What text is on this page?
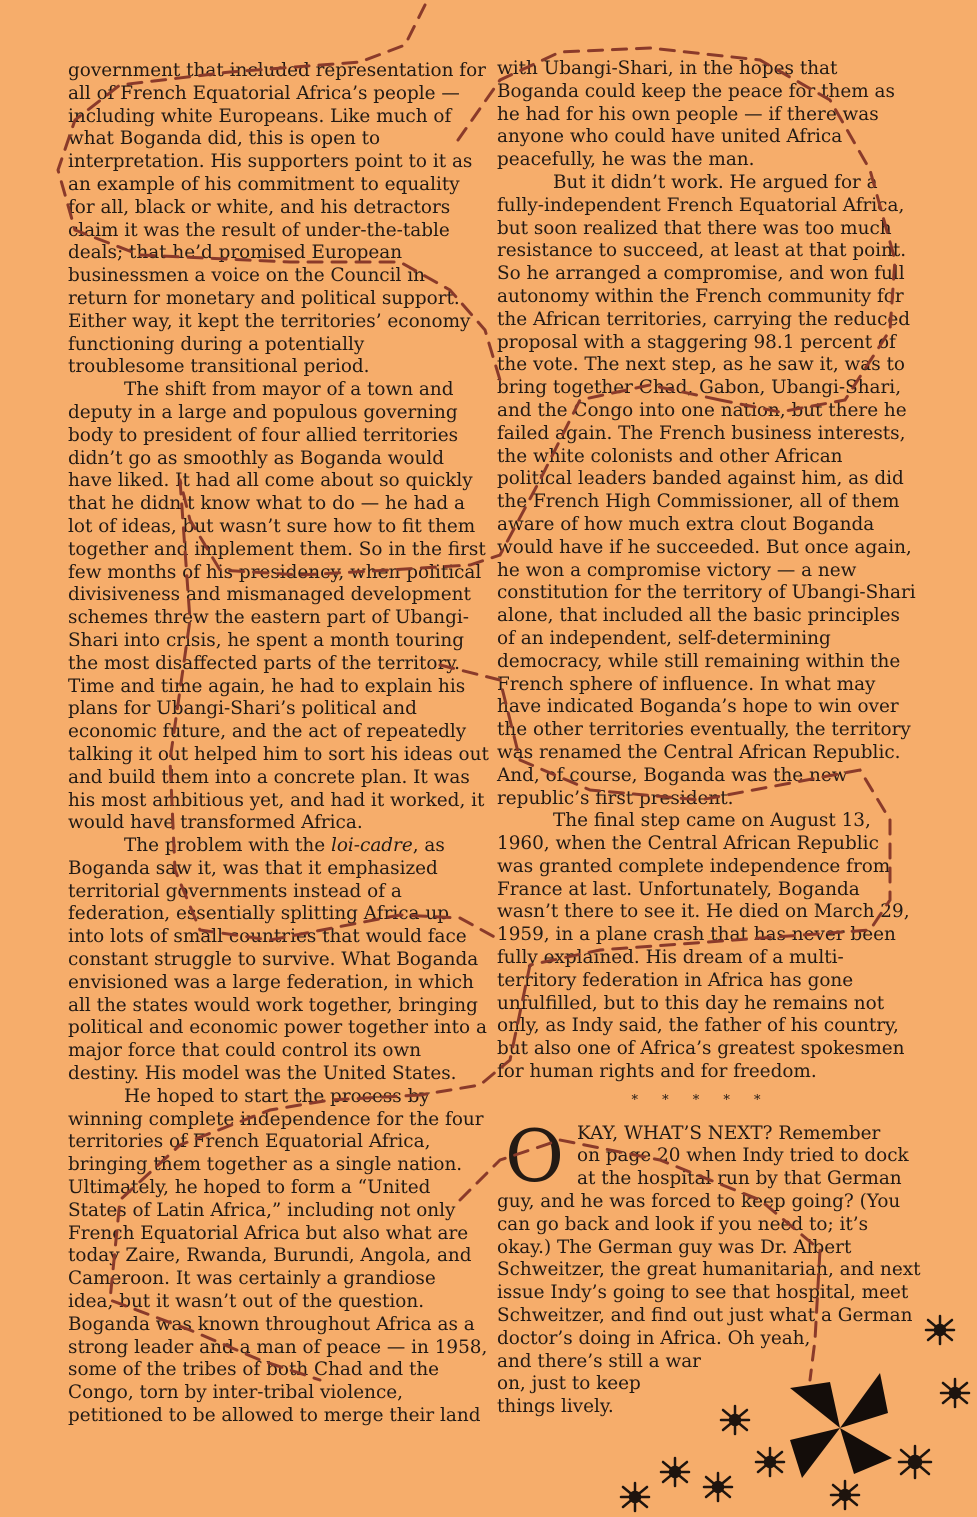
government that included representation for
all of French Equatorial Africa’s people —
including white Europeans. Like much of
what Boganda did, this is open to
interpretation. His supporters point to it as
an example of his commitment to equality
for all, black or white, and his detractors
claim it was the result of under-the-table
deals; that he’d promised European
businessmen a voice on the Council in
return for monetary and political support.
Either way, it kept the territories’ economy
functioning during a potentially
troublesome transitional period.
The shift from mayor of a town and
deputy in a large and populous governing
body to president of four allied territories
didn’t go as smoothly as Boganda would
have liked. It had all come about so quickly
that he didn’t know what to do — he had a
lot of ideas, but wasn’t sure how to fit them
together and implement them. So in the first
few months of his presidency, when political
divisiveness and mismanaged development
schemes threw the eastern part of Ubangi-
Shari into crisis, he spent a month touring
the most disaffected parts of the territory.
Time and time again, he had to explain his
plans for Ubangi-Shari’s political and
economic future, and the act of repeatedly
talking it out helped him to sort his ideas out
and build them into a concrete plan. It was
his most ambitious yet, and had it worked, it
would have transformed Africa.
The problem with the loi-cadre, as
Boganda saw it, was that it emphasized
territorial governments instead of a
federation, essentially splitting Africa up
into lots of small countries that would face
constant struggle to survive. What Boganda
envisioned was a large federation, in which
all the states would work together, bringing
political and economic power together into a
major force that could control its own
destiny. His model was the United States.
He hoped to start the process by
winning complete independence for the four
territories of French Equatorial Africa,
bringing them together as a single nation.
Ultimately, he hoped to form a “United
States of Latin Africa,” including not only
French Equatorial Africa but also what are
today Zaire, Rwanda, Burundi, Angola, and
Cameroon. It was certainly a grandiose
idea, but it wasn’t out of the question.
Boganda was known throughout Africa as a
strong leader and a man of peace — in 1958,
some of the tribes of both Chad and the
Congo, torn by inter-tribal violence,
petitioned to be allowed to merge their land
with Ubangi-Shari, in the hopes that
Boganda could keep the peace for them as
he had for his own people — if there was
anyone who could have united Africa
peacefully, he was the man.
But it didn’t work. He argued for a
fully-independent French Equatorial Africa,
but soon realized that there was too much
resistance to succeed, at least at that point.
So he arranged a compromise, and won full
autonomy within the French community for
the African territories, carrying the reduced
proposal with a staggering 98.1 percent of
the vote. The next step, as he saw it, was to
bring together Chad, Gabon, Ubangi-Shari,
and the Congo into one nation, but there he
failed again. The French business interests,
the white colonists and other African
political leaders banded against him, as did
the French High Commissioner, all of them
aware of how much extra clout Boganda
would have if he succeeded. But once again,
he won a compromise victory — a new
constitution for the territory of Ubangi-Shari
alone, that included all the basic principles
of an independent, self-determining
democracy, while still remaining within the
French sphere of influence. In what may
have indicated Boganda’s hope to win over
the other territories eventually, the territory
was renamed the Central African Republic.
And, of course, Boganda was the new
republic’s first president.
The final step came on August 13,
1960, when the Central African Republic
was granted complete independence from
France at last. Unfortunately, Boganda
wasn’t there to see it. He died on March 29,
1959, in a plane crash that has never been
fully explained. His dream of a multi-
territory federation in Africa has gone
unfulfilled, but to this day he remains not
only, as Indy said, the father of his country,
but also one of Africa’s greatest spokesmen
for human rights and for freedom.
* * * * *
O KAY, WHAT’S NEXT? Remember
on page 20 when Indy tried to dock
at the hospital run by that German
guy, and he was forced to keep going? (You
can go back and look if you need to; it’s
okay.) The German guy was Dr. Albert
Schweitzer, the great humanitarian, and next
issue Indy’s going to see that hospital, meet
Schweitzer, and find out just what a German
doctor’s doing in Africa. Oh yeah,
and there’s still a war
on, just to keep
things lively.
